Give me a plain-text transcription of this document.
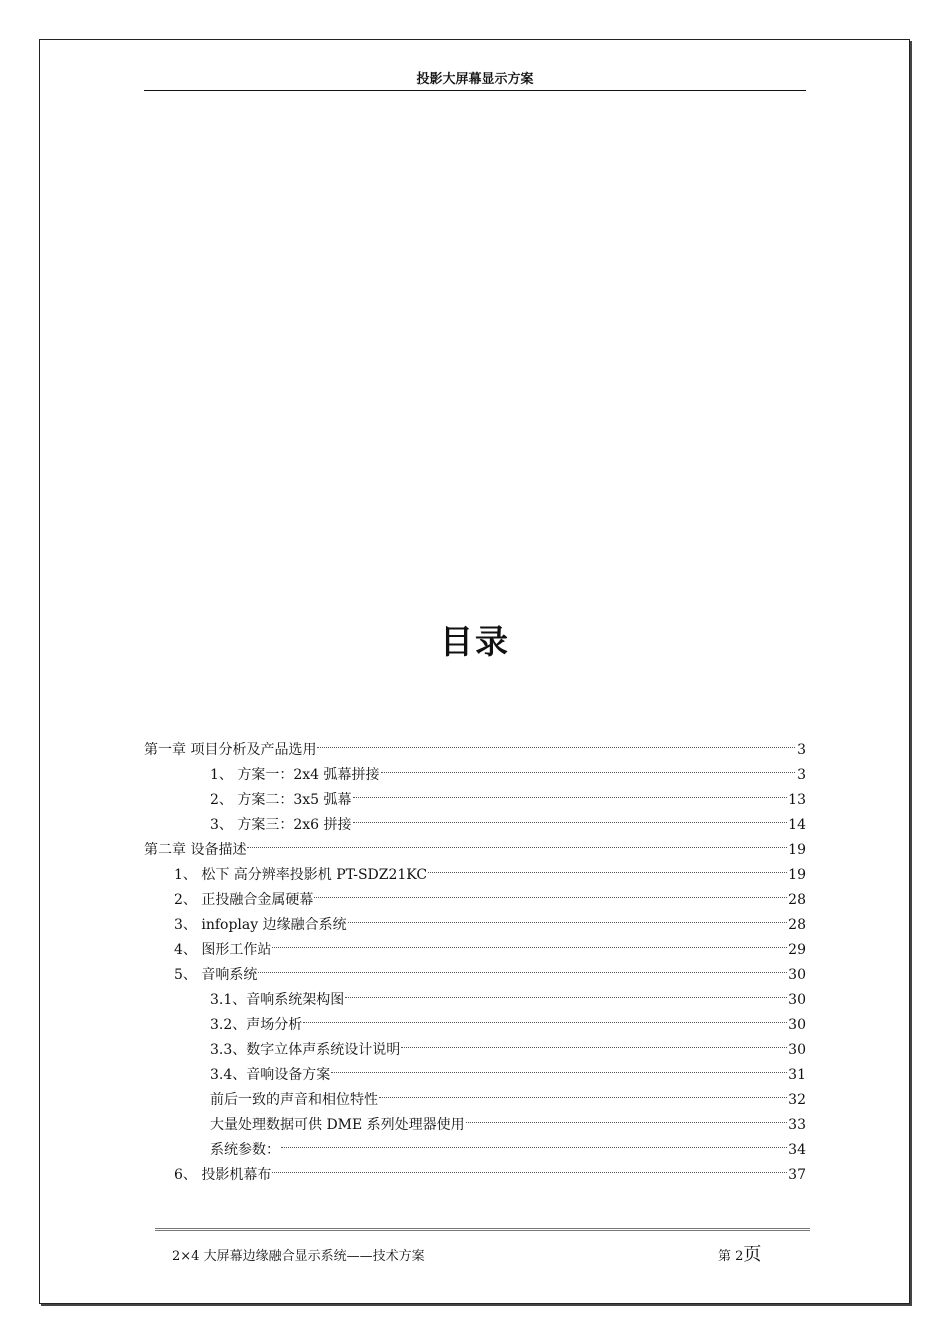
投影大屏幕显示方案
目录
第一章 项目分析及产品选用	3
1、 方案一：2x4 弧幕拼接	3
2、 方案二：3x5 弧幕	13
3、 方案三：2x6 拼接	14
第二章 设备描述	19
1、 松下 高分辨率投影机 PT-SDZ21KC	19
2、 正投融合金属硬幕	28
3、 infoplay 边缘融合系统	28
4、 图形工作站	29
5、 音响系统	30
3.1、音响系统架构图	30
3.2、声场分析	30
3.3、数字立体声系统设计说明	30
3.4、音响设备方案	31
前后一致的声音和相位特性	32
大量处理数据可供 DME 系列处理器使用	33
系统参数：	34
6、 投影机幕布	37
2×4 大屏幕边缘融合显示系统——技术方案	第 2页
